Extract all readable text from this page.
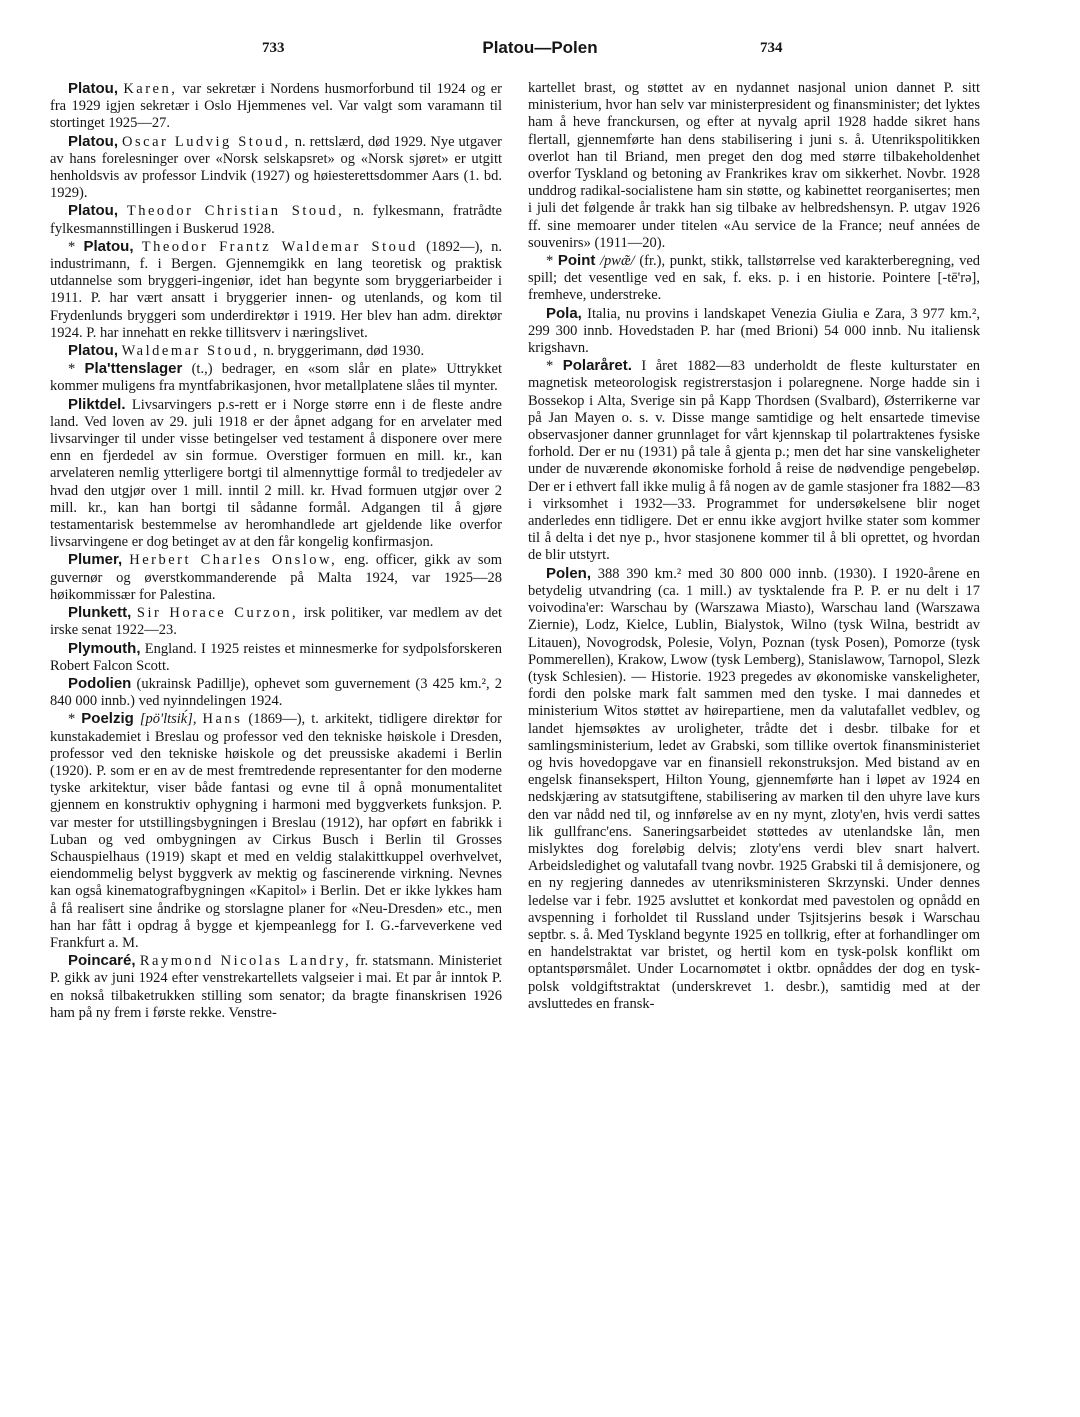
733	Platou—Polen	734

Platou, Karen, var sekretær i Nordens husmorforbund til 1924 og er fra 1929 igjen sekretær i Oslo Hjemmenes vel. Var valgt som varamann til stortinget 1925—27.

Platou, Oscar Ludvig Stoud, n. rettslærd, død 1929. Nye utgaver av hans forelesninger over «Norsk selskapsret» og «Norsk sjøret» er utgitt henholdsvis av professor Lindvik (1927) og høiesterettsdommer Aars (1. bd. 1929).

Platou, Theodor Christian Stoud, n. fylkesmann, fratrådte fylkesmannstillingen i Buskerud 1928.

* Platou, Theodor Frantz Waldemar Stoud (1892—), n. industrimann, f. i Bergen. Gjennemgikk en lang teoretisk og praktisk utdannelse som bryggeri-ingeniør, idet han begynte som bryggeriarbeider i 1911. P. har vært ansatt i bryggerier innen- og utenlands, og kom til Frydenlunds bryggeri som underdirektør i 1919. Her blev han adm. direktør 1924. P. har innehatt en rekke tillitsverv i næringslivet.

Platou, Waldemar Stoud, n. bryggerimann, død 1930.

* Pla'ttenslager (t.,) bedrager, en «som slår en plate» Uttrykket kommer muligens fra myntfabrikasjonen, hvor metallplatene slåes til mynter.

Pliktdel. Livsarvingers p.s-rett er i Norge større enn i de fleste andre land. Ved loven av 29. juli 1918 er der åpnet adgang for en arvelater med livsarvinger til under visse betingelser ved testament å disponere over mere enn en fjerdedel av sin formue. Overstiger formuen en mill. kr., kan arvelateren nemlig ytterligere bortgi til almennyttige formål to tredjedeler av hvad den utgjør over 1 mill. inntil 2 mill. kr. Hvad formuen utgjør over 2 mill. kr., kan han bortgi til sådanne formål. Adgangen til å gjøre testamentarisk bestemmelse av heromhandlede art gjeldende like overfor livsarvingene er dog betinget av at den får kongelig konfirmasjon.

Plumer, Herbert Charles Onslow, eng. officer, gikk av som guvernør og øverstkommanderende på Malta 1924, var 1925—28 høikommissær for Palestina.

Plunkett, Sir Horace Curzon, irsk politiker, var medlem av det irske senat 1922—23.

Plymouth, England. I 1925 reistes et minnesmerke for sydpolsforskeren Robert Falcon Scott.

Podolien (ukrainsk Padillje), ophevet som guvernement (3 425 km.², 2 840 000 innb.) ved nyinndelingen 1924.

* Poelzig [pö'ltsiḱ], Hans (1869—), t. arkitekt, tidligere direktør for kunstakademiet i Breslau og professor ved den tekniske høiskole i Dresden, professor ved den tekniske høiskole og det preussiske akademi i Berlin (1920). P. som er en av de mest fremtredende representanter for den moderne tyske arkitektur, viser både fantasi og evne til å opnå monumentalitet gjennem en konstruktiv ophygning i harmoni med byggverkets funksjon. P. var mester for utstillingsbygningen i Breslau (1912), har opført en fabrikk i Luban og ved ombygningen av Cirkus Busch i Berlin til Grosses Schauspielhaus (1919) skapt et med en veldig stalakittkuppel overhvelvet, eiendommelig belyst byggverk av mektig og fascinerende virkning. Nevnes kan også kinematografbygningen «Kapitol» i Berlin. Det er ikke lykkes ham å få realisert sine åndrike og storslagne planer for «Neu-Dresden» etc., men han har fått i opdrag å bygge et kjempeanlegg for I. G.-farveverkene ved Frankfurt a. M.

Poincaré, Raymond Nicolas Landry, fr. statsmann. Ministeriet P. gikk av juni 1924 efter venstrekartellets valgseier i mai. Et par år inntok P. en nokså tilbaketrukken stilling som senator; da bragte finanskrisen 1926 ham på ny frem i første rekke. Venstre-

kartellet brast, og støttet av en nydannet nasjonal union dannet P. sitt ministerium, hvor han selv var ministerpresident og finansminister; det lyktes ham å heve franckursen, og efter at nyvalg april 1928 hadde sikret hans flertall, gjennemførte han dens stabilisering i juni s. å. Utenrikspolitikken overlot han til Briand, men preget den dog med større tilbakeholdenhet overfor Tyskland og betoning av Frankrikes krav om sikkerhet. Novbr. 1928 unddrog radikal-socialistene ham sin støtte, og kabinettet reorganisertes; men i juli det følgende år trakk han sig tilbake av helbredshensyn. P. utgav 1926 ff. sine memoarer under titelen «Au service de la France; neuf années de souvenirs» (1911—20).

* Point /pwæ̃/ (fr.), punkt, stikk, tallstørrelse ved karakterberegning, ved spill; det vesentlige ved en sak, f. eks. p. i en historie. Pointere [-tē'rə], fremheve, understreke.

Pola, Italia, nu provins i landskapet Venezia Giulia e Zara, 3 977 km.², 299 300 innb. Hovedstaden P. har (med Brioni) 54 000 innb. Nu italiensk krigshavn.

* Polaråret. I året 1882—83 underholdt de fleste kulturstater en magnetisk meteorologisk registrerstasjon i polaregnene. Norge hadde sin i Bossekop i Alta, Sverige sin på Kapp Thordsen (Svalbard), Østerrikerne var på Jan Mayen o. s. v. Disse mange samtidige og helt ensartede timevise observasjoner danner grunnlaget for vårt kjennskap til polartraktenes fysiske forhold. Der er nu (1931) på tale å gjenta p.; men det har sine vanskeligheter under de nuværende økonomiske forhold å reise de nødvendige pengebeløp. Der er i ethvert fall ikke mulig å få nogen av de gamle stasjoner fra 1882—83 i virksomhet i 1932—33. Programmet for undersøkelsene blir noget anderledes enn tidligere. Det er ennu ikke avgjort hvilke stater som kommer til å delta i det nye p., hvor stasjonene kommer til å bli oprettet, og hvordan de blir utstyrt.

Polen, 388 390 km.² med 30 800 000 innb. (1930). I 1920-årene en betydelig utvandring (ca. 1 mill.) av tysktalende fra P. P. er nu delt i 17 voivodina'er: Warschau by (Warszawa Miasto), Warschau land (Warszawa Ziernie), Lodz, Kielce, Lublin, Bialystok, Wilno (tysk Wilna, bestridt av Litauen), Novogrodsk, Polesie, Volyn, Poznan (tysk Posen), Pomorze (tysk Pommerellen), Krakow, Lwow (tysk Lemberg), Stanislawow, Tarnopol, Slezk (tysk Schlesien). — Historie. 1923 pregedes av økonomiske vanskeligheter, fordi den polske mark falt sammen med den tyske. I mai dannedes et ministerium Witos støttet av høirepartiene, men da valutafallet vedblev, og landet hjemsøktes av uroligheter, trådte det i desbr. tilbake for et samlingsministerium, ledet av Grabski, som tillike overtok finansministeriet og hvis hovedopgave var en finansiell rekonstruksjon. Med bistand av en engelsk finansekspert, Hilton Young, gjennemførte han i løpet av 1924 en nedskjæring av statsutgiftene, stabilisering av marken til den uhyre lave kurs den var nådd ned til, og innførelse av en ny mynt, zloty'en, hvis verdi sattes lik gullfranc'ens. Saneringsarbeidet støttedes av utenlandske lån, men mislyktes dog foreløbig delvis; zloty'ens verdi blev snart halvert. Arbeidsledighet og valutafall tvang novbr. 1925 Grabski til å demisjonere, og en ny regjering dannedes av utenriksministeren Skrzynski. Under dennes ledelse var i febr. 1925 avsluttet et konkordat med pavestolen og opnådd en avspenning i forholdet til Russland under Tsjitsjerins besøk i Warschau septbr. s. å. Med Tyskland begynte 1925 en tollkrig, efter at forhandlinger om en handelstraktat var bristet, og hertil kom en tysk-polsk konflikt om optantspørsmålet. Under Locarnomøtet i oktbr. opnåddes der dog en tysk-polsk voldgiftstraktat (underskrevet 1. desbr.), samtidig med at der avsluttedes en fransk-
